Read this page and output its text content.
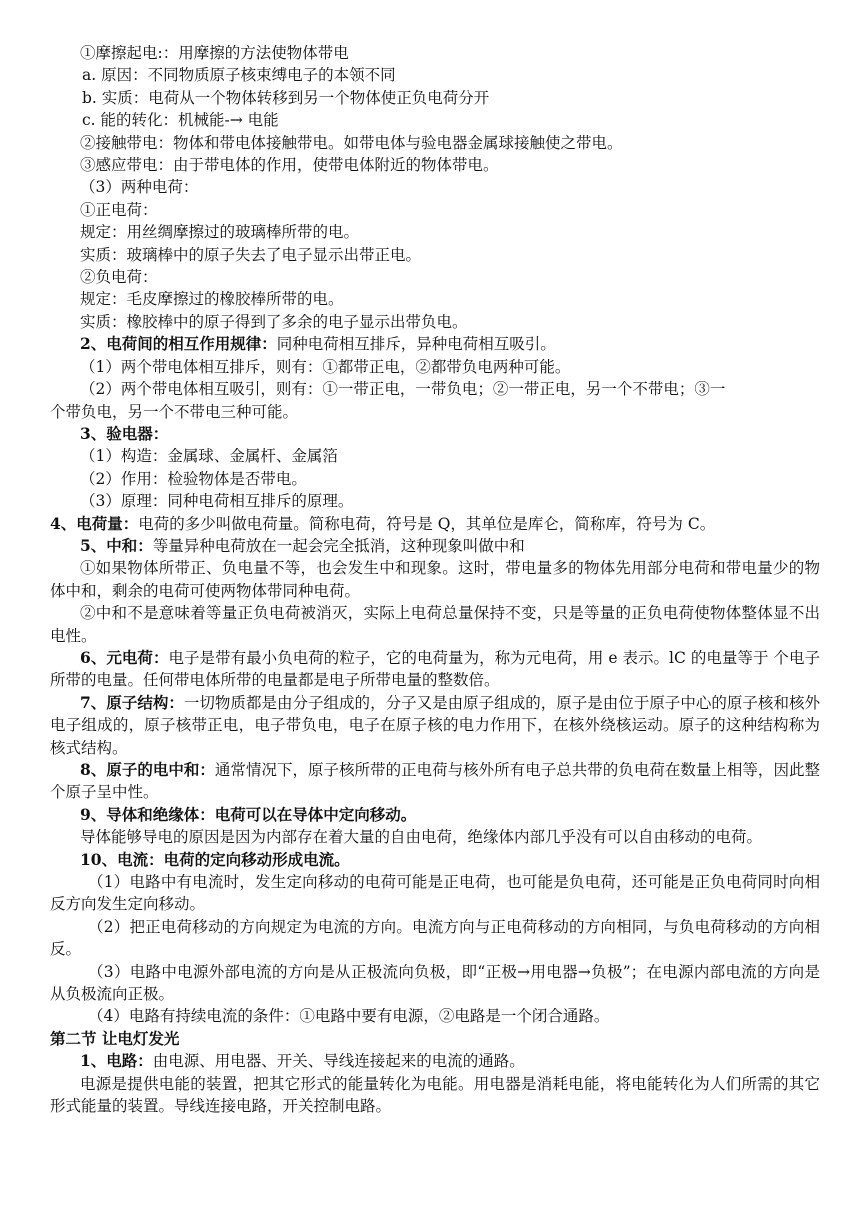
①摩擦起电:：用摩擦的方法使物体带电
a. 原因：不同物质原子核束缚电子的本领不同
b. 实质：电荷从一个物体转移到另一个物体使正负电荷分开
c. 能的转化：机械能-→ 电能
②接触带电：物体和带电体接触带电。如带电体与验电器金属球接触使之带电。
③感应带电：由于带电体的作用，使带电体附近的物体带电。
（3）两种电荷：
①正电荷：
规定：用丝绸摩擦过的玻璃棒所带的电。
实质：玻璃棒中的原子失去了电子显示出带正电。
②负电荷：
规定：毛皮摩擦过的橡胶棒所带的电。
实质：橡胶棒中的原子得到了多余的电子显示出带负电。
2、电荷间的相互作用规律：同种电荷相互排斥，异种电荷相互吸引。
（1）两个带电体相互排斥，则有：①都带正电，②都带负电两种可能。
（2）两个带电体相互吸引，则有：①一带正电，一带负电；②一带正电，另一个不带电；③一
个带负电，另一个不带电三种可能。
3、验电器：
（1）构造：金属球、金属杆、金属箔
（2）作用：检验物体是否带电。
（3）原理：同种电荷相互排斥的原理。
4、电荷量：电荷的多少叫做电荷量。简称电荷，符号是 Q，其单位是库仑，简称库，符号为 C。
5、中和：等量异种电荷放在一起会完全抵消，这种现象叫做中和
①如果物体所带正、负电量不等，也会发生中和现象。这时，带电量多的物体先用部分电荷和带电量少的物体中和，剩余的电荷可使两物体带同种电荷。
②中和不是意味着等量正负电荷被消灭，实际上电荷总量保持不变，只是等量的正负电荷使物体整体显不出电性。
6、元电荷：电子是带有最小负电荷的粒子，它的电荷量为，称为元电荷，用 e 表示。lC 的电量等于 个电子所带的电量。任何带电体所带的电量都是电子所带电量的整数倍。
7、原子结构：一切物质都是由分子组成的，分子又是由原子组成的，原子是由位于原子中心的原子核和核外电子组成的，原子核带正电，电子带负电，电子在原子核的电力作用下，在核外绕核运动。原子的这种结构称为核式结构。
8、原子的电中和：通常情况下，原子核所带的正电荷与核外所有电子总共带的负电荷在数量上相等，因此整个原子呈中性。
9、导体和绝缘体：电荷可以在导体中定向移动。
导体能够导电的原因是因为内部存在着大量的自由电荷，绝缘体内部几乎没有可以自由移动的电荷。
10、电流：电荷的定向移动形成电流。
（1）电路中有电流时，发生定向移动的电荷可能是正电荷，也可能是负电荷，还可能是正负电荷同时向相反方向发生定向移动。
（2）把正电荷移动的方向规定为电流的方向。电流方向与正电荷移动的方向相同，与负电荷移动的方向相反。
（3）电路中电源外部电流的方向是从正极流向负极，即“正极→用电器→负极”；在电源内部电流的方向是从负极流向正极。
（4）电路有持续电流的条件：①电路中要有电源，②电路是一个闭合通路。
第二节 让电灯发光
1、电路：由电源、用电器、开关、导线连接起来的电流的通路。
电源是提供电能的装置，把其它形式的能量转化为电能。用电器是消耗电能，将电能转化为人们所需的其它形式能量的装置。导线连接电路，开关控制电路。
